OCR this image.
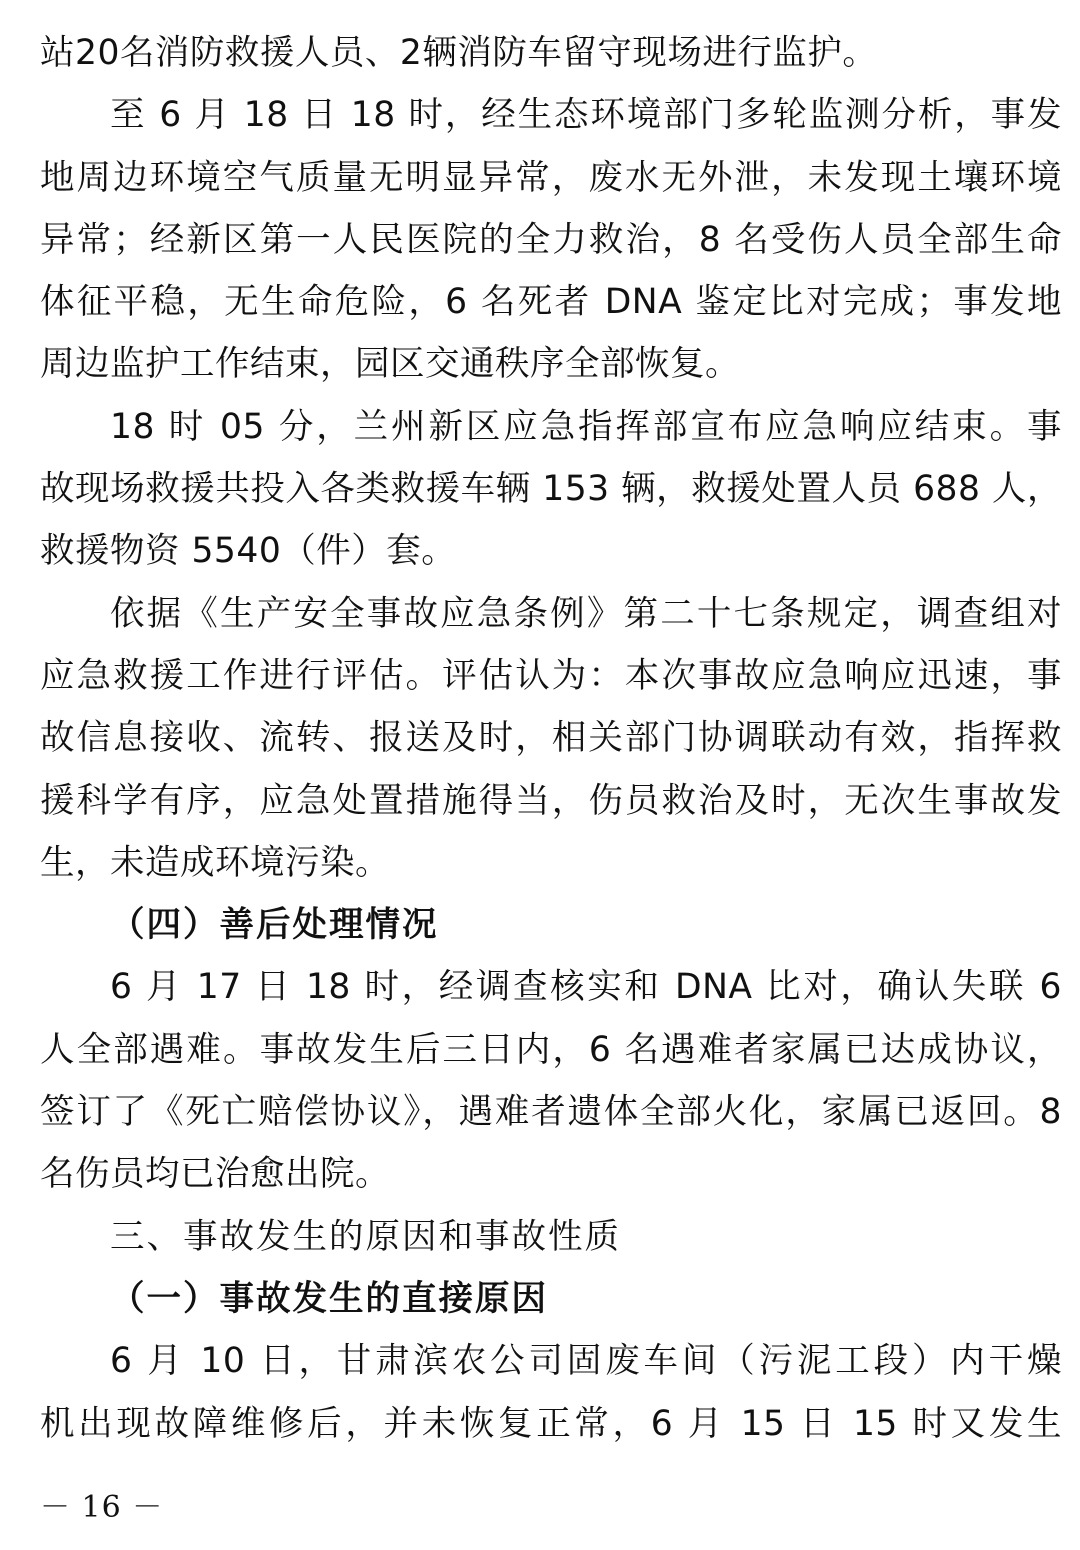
站20名消防救援人员、2辆消防车留守现场进行监护。
至 6 月 18 日 18 时，经生态环境部门多轮监测分析，事发
地周边环境空气质量无明显异常，废水无外泄，未发现土壤环境
异常；经新区第一人民医院的全力救治，8 名受伤人员全部生命
体征平稳，无生命危险，6 名死者 DNA 鉴定比对完成；事发地
周边监护工作结束，园区交通秩序全部恢复。
18 时 05 分，兰州新区应急指挥部宣布应急响应结束。事
故现场救援共投入各类救援车辆 153 辆，救援处置人员 688 人，
救援物资 5540（件）套。
依据《生产安全事故应急条例》第二十七条规定，调查组对
应急救援工作进行评估。评估认为：本次事故应急响应迅速，事
故信息接收、流转、报送及时，相关部门协调联动有效，指挥救
援科学有序，应急处置措施得当，伤员救治及时，无次生事故发
生，未造成环境污染。
（四）善后处理情况
6 月 17 日 18 时，经调查核实和 DNA 比对，确认失联 6
人全部遇难。事故发生后三日内，6 名遇难者家属已达成协议，
签订了《死亡赔偿协议》，遇难者遗体全部火化，家属已返回。8
名伤员均已治愈出院。
三、事故发生的原因和事故性质
（一）事故发生的直接原因
6 月 10 日，甘肃滨农公司固废车间（污泥工段）内干燥
机出现故障维修后，并未恢复正常，6 月 15 日 15 时又发生
－ 16 －
